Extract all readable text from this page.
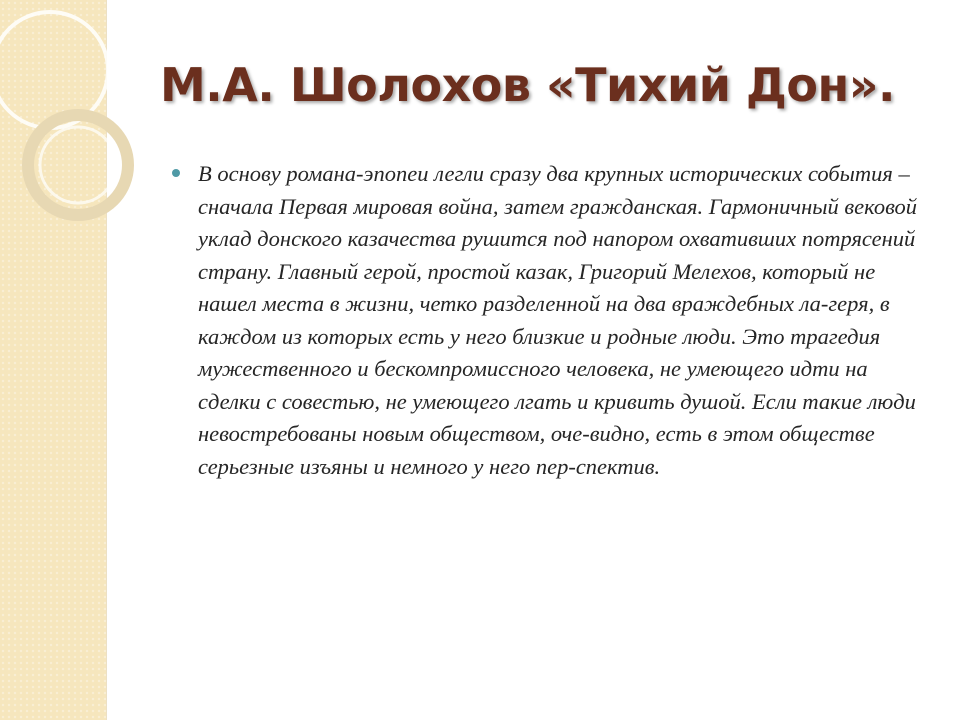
М.А. Шолохов «Тихий Дон».

В основу романа-эпопеи легли сразу два крупных исторических события – сначала Первая мировая война, затем гражданская. Гармоничный вековой уклад донского казачества рушится под напором охвативших потрясений страну. Главный герой, простой казак, Григорий Мелехов, который не нашел места в жизни, четко разделенной на два враждебных ла-геря, в каждом из которых есть у него близкие и родные люди. Это трагедия мужественного и бескомпромиссного человека, не умеющего идти на сделки с совестью, не умеющего лгать и кривить душой. Если такие люди невостребованы новым обществом, оче-видно, есть в этом обществе серьезные изъяны и немного у него пер-спектив.
